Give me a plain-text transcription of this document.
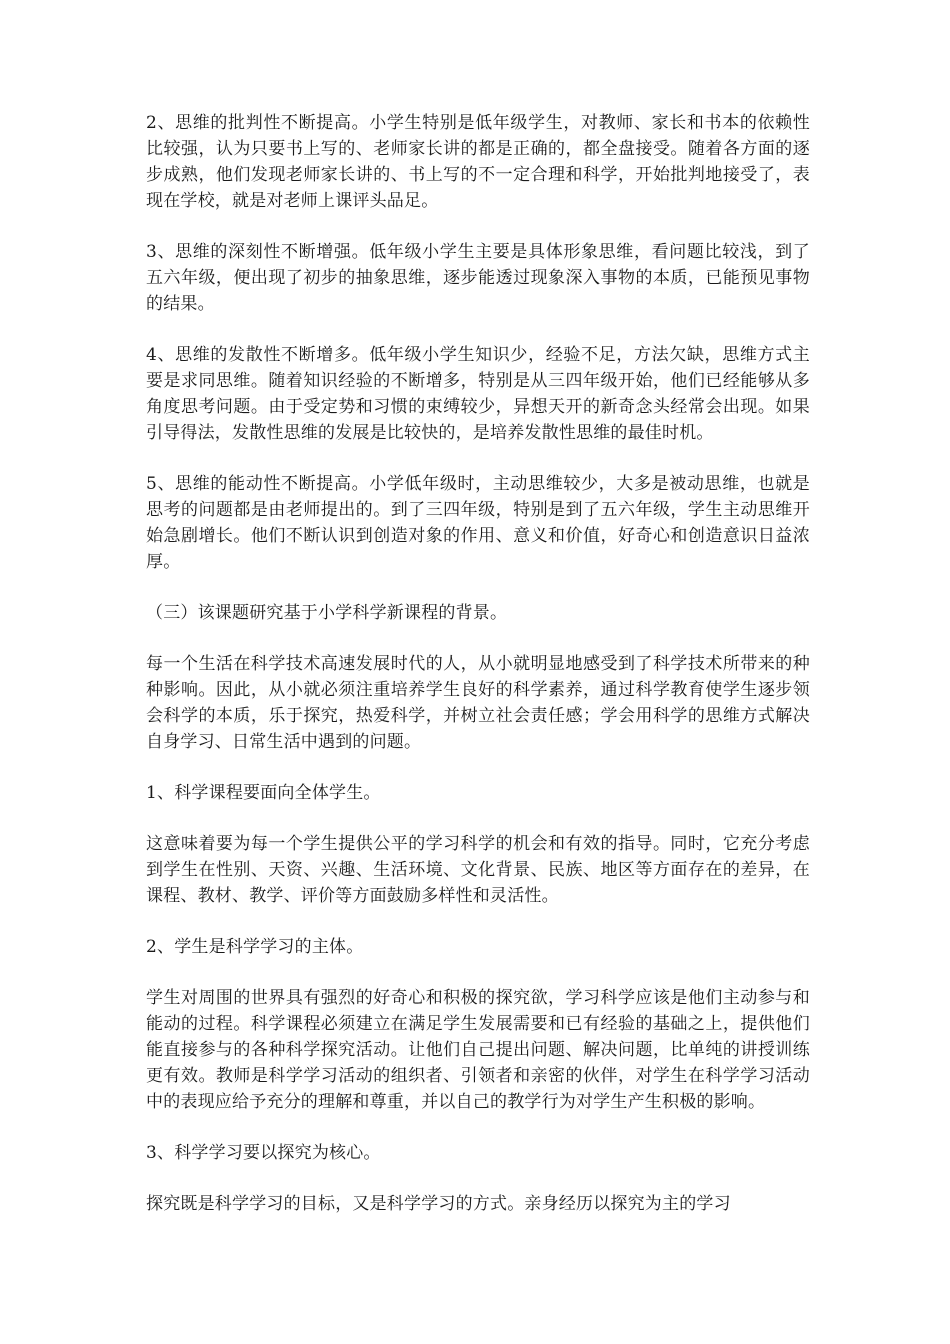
2、思维的批判性不断提高。小学生特别是低年级学生，对教师、家长和书本的依赖性比较强，认为只要书上写的、老师家长讲的都是正确的，都全盘接受。随着各方面的逐步成熟，他们发现老师家长讲的、书上写的不一定合理和科学，开始批判地接受了，表现在学校，就是对老师上课评头品足。

3、思维的深刻性不断增强。低年级小学生主要是具体形象思维，看问题比较浅，到了五六年级，便出现了初步的抽象思维，逐步能透过现象深入事物的本质，已能预见事物的结果。

4、思维的发散性不断增多。低年级小学生知识少，经验不足，方法欠缺，思维方式主要是求同思维。随着知识经验的不断增多，特别是从三四年级开始，他们已经能够从多角度思考问题。由于受定势和习惯的束缚较少，异想天开的新奇念头经常会出现。如果引导得法，发散性思维的发展是比较快的，是培养发散性思维的最佳时机。

5、思维的能动性不断提高。小学低年级时，主动思维较少，大多是被动思维，也就是思考的问题都是由老师提出的。到了三四年级，特别是到了五六年级，学生主动思维开始急剧增长。他们不断认识到创造对象的作用、意义和价值，好奇心和创造意识日益浓厚。

（三）该课题研究基于小学科学新课程的背景。

每一个生活在科学技术高速发展时代的人，从小就明显地感受到了科学技术所带来的种种影响。因此，从小就必须注重培养学生良好的科学素养，通过科学教育使学生逐步领会科学的本质，乐于探究，热爱科学，并树立社会责任感；学会用科学的思维方式解决自身学习、日常生活中遇到的问题。

1、科学课程要面向全体学生。

这意味着要为每一个学生提供公平的学习科学的机会和有效的指导。同时，它充分考虑到学生在性别、天资、兴趣、生活环境、文化背景、民族、地区等方面存在的差异，在课程、教材、教学、评价等方面鼓励多样性和灵活性。

2、学生是科学学习的主体。

学生对周围的世界具有强烈的好奇心和积极的探究欲，学习科学应该是他们主动参与和能动的过程。科学课程必须建立在满足学生发展需要和已有经验的基础之上，提供他们能直接参与的各种科学探究活动。让他们自己提出问题、解决问题，比单纯的讲授训练更有效。教师是科学学习活动的组织者、引领者和亲密的伙伴，对学生在科学学习活动中的表现应给予充分的理解和尊重，并以自己的教学行为对学生产生积极的影响。

3、科学学习要以探究为核心。

探究既是科学学习的目标，又是科学学习的方式。亲身经历以探究为主的学习
